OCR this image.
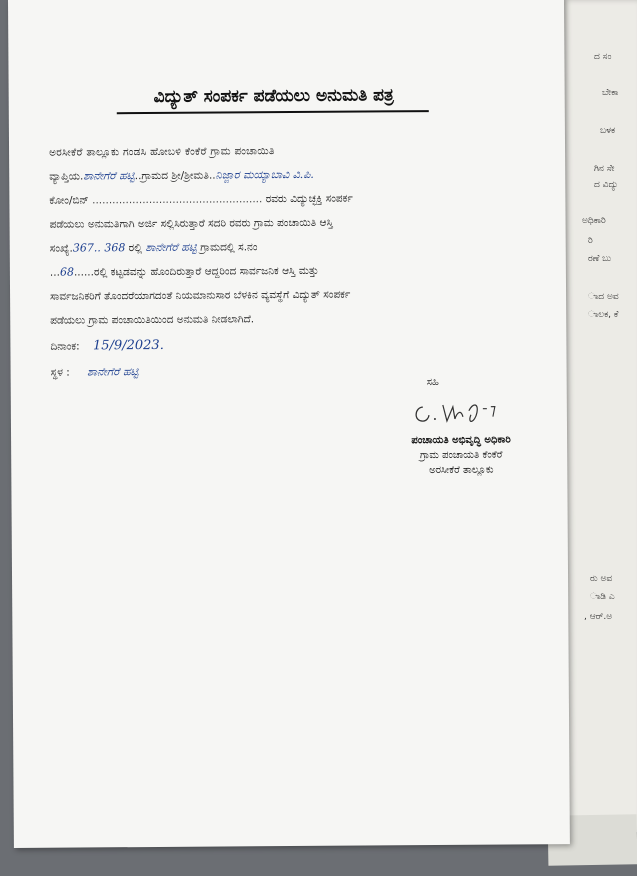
ದ ಸಂ
ಬೇಕಾ
ಬಳಕ
ಗಿನ ಸೇ
ದ ವಿದ್ಯು
ಅಧಿಕಾರಿ
ರಿ
ರಣೆ ಬು
ಾದ ಅವ
ಾಲಕ, ಕೆ
ರು ಅವ
ಾಡಿ ಎ
, ಆರ್.ಅ
ವಿದ್ಯುತ್ ಸಂಪರ್ಕ ಪಡೆಯಲು ಅನುಮತಿ ಪತ್ರ
ಅರಸೀಕೆರೆ ತಾಲ್ಲೂಕು ಗಂಡಸಿ ಹೋಬಳಿ ಕೆಂಕೆರೆ ಗ್ರಾಮ ಪಂಚಾಯಿತಿ
ವ್ಯಾಪ್ತಿಯ.ಶಾನೇಗೆರೆ ಹಟ್ಟಿ..ಗ್ರಾಮದ ಶ್ರೀ/ಶ್ರೀಮತಿ..ನಿಜ್ಜಾರ ಮಯ್ಯಾಬಾವಿ ವಿ.ಪಿ.
ಕೋಂ/ಬಿನ್ ................................................... ರವರು ವಿದ್ಯುಚ್ಛಕ್ತಿ ಸಂಪರ್ಕ
ಪಡೆಯಲು ಅನುಮತಿಗಾಗಿ ಅರ್ಜಿ ಸಲ್ಲಿಸಿರುತ್ತಾರೆ ಸದರಿ ರವರು ಗ್ರಾಮ ಪಂಚಾಯಿತಿ ಆಸ್ತಿ
ಸಂಖ್ಯೆ.367.. 368 ರಲ್ಲಿ ಶಾನೇಗೆರೆ ಹಟ್ಟಿ ಗ್ರಾಮದಲ್ಲಿ ಸ.ನಂ
...68......ರಲ್ಲಿ ಕಟ್ಟಡವನ್ನು ಹೊಂದಿರುತ್ತಾರೆ ಆದ್ದರಿಂದ ಸಾರ್ವಜನಿಕ ಆಸ್ತಿ ಮತ್ತು
ಸಾರ್ವಜನಿಕರಿಗೆ ತೊಂದರೆಯಾಗದಂತೆ ನಿಯಮಾನುಸಾರ ಬೆಳಕಿನ ವ್ಯವಸ್ಥೆಗೆ ವಿದ್ಯುತ್ ಸಂಪರ್ಕ
ಪಡೆಯಲು ಗ್ರಾಮ ಪಂಚಾಯಿತಿಯಿಂದ ಅನುಮತಿ ನೀಡಲಾಗಿದೆ.
ದಿನಾಂಕ: 15/9/2023.
ಸ್ಥಳ : ಶಾನೇಗೆರೆ ಹಟ್ಟಿ
ಸಹಿ
ಪಂಚಾಯತಿ ಅಭಿವೃದ್ಧಿ ಅಧಿಕಾರಿ
ಗ್ರಾಮ ಪಂಚಾಯತಿ ಕೆಂಕೆರೆ
ಅರಸೀಕೆರೆ ತಾಲ್ಲೂಕು
